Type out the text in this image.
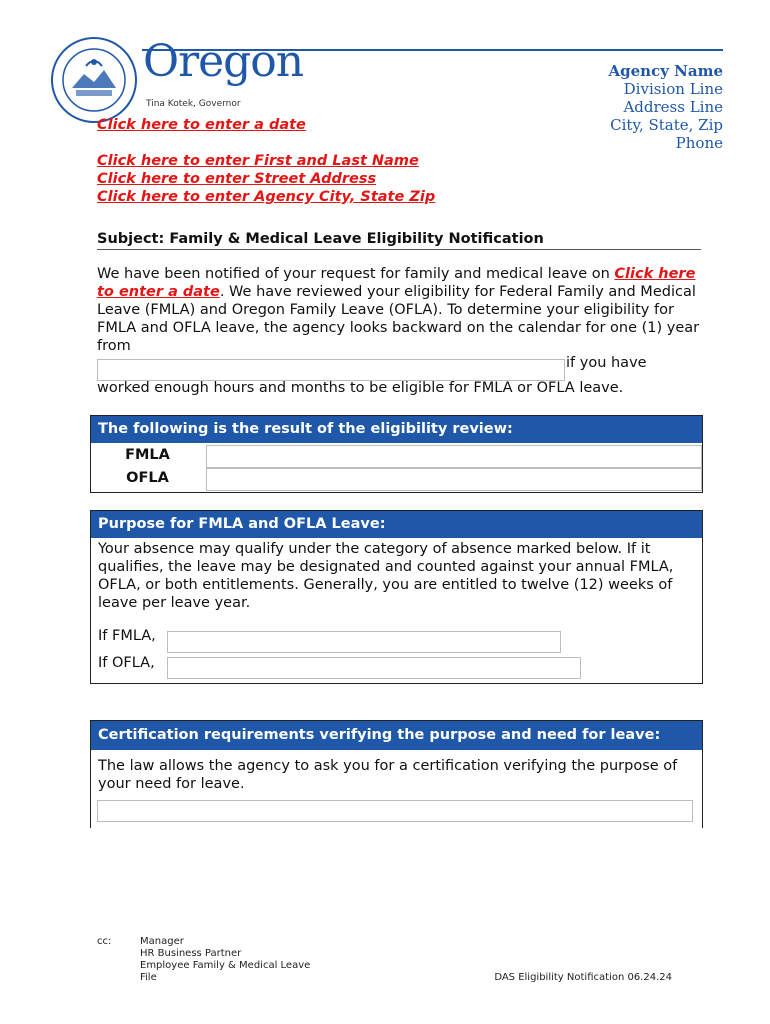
Oregon
Tina Kotek, Governor
Agency Name
Division Line
Address Line
City, State, Zip
Phone
Click here to enter a date
Click here to enter First and Last Name
Click here to enter Street Address
Click here to enter Agency City, State Zip
Subject: Family & Medical Leave Eligibility Notification
We have been notified of your request for family and medical leave on Click here to enter a date. We have reviewed your eligibility for Federal Family and Medical Leave (FMLA) and Oregon Family Leave (OFLA). To determine your eligibility for FMLA and OFLA leave, the agency looks backward on the calendar for one (1) year from
if you have
worked enough hours and months to be eligible for FMLA or OFLA leave.
The following is the result of the eligibility review:
FMLA
OFLA
Purpose for FMLA and OFLA Leave:
Your absence may qualify under the category of absence marked below. If it qualifies, the leave may be designated and counted against your annual FMLA, OFLA, or both entitlements. Generally, you are entitled to twelve (12) weeks of leave per leave year.
If FMLA,
If OFLA,
Certification requirements verifying the purpose and need for leave:
The law allows the agency to ask you for a certification verifying the purpose of your need for leave.
cc:	Manager
HR Business Partner
Employee Family & Medical Leave
File	DAS Eligibility Notification 06.24.24
